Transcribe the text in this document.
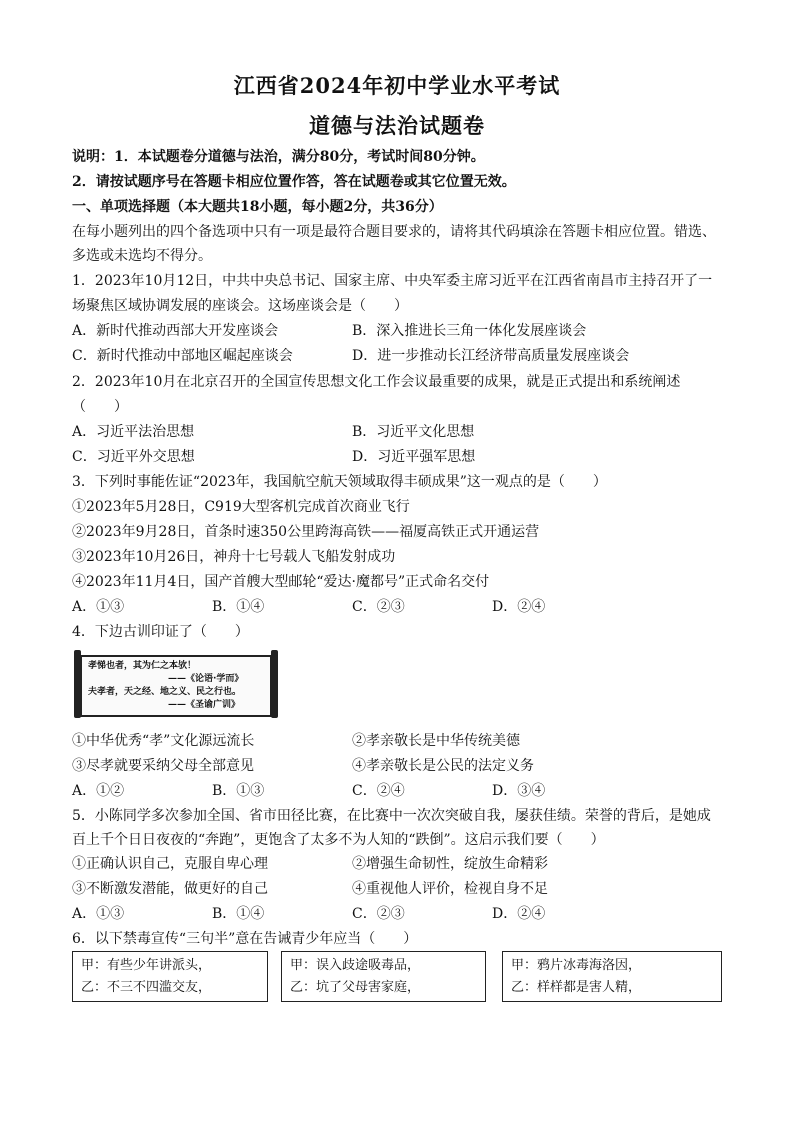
江西省2024年初中学业水平考试
道德与法治试题卷
说明：1．本试题卷分道德与法治，满分80分，考试时间80分钟。
2．请按试题序号在答题卡相应位置作答，答在试题卷或其它位置无效。
一、单项选择题（本大题共18小题，每小题2分，共36分）
在每小题列出的四个备选项中只有一项是最符合题目要求的，请将其代码填涂在答题卡相应位置。错选、
多选或未选均不得分。
1．2023年10月12日，中共中央总书记、国家主席、中央军委主席习近平在江西省南昌市主持召开了一
场聚焦区域协调发展的座谈会。这场座谈会是（　　）
A．新时代推动西部大开发座谈会	B．深入推进长三角一体化发展座谈会
C．新时代推动中部地区崛起座谈会	D．进一步推动长江经济带高质量发展座谈会
2．2023年10月在北京召开的全国宣传思想文化工作会议最重要的成果，就是正式提出和系统阐述
（　　）
A．习近平法治思想	B．习近平文化思想
C．习近平外交思想	D．习近平强军思想
3．下列时事能佐证“2023年，我国航空航天领域取得丰硕成果”这一观点的是（　　）
①2023年5月28日，C919大型客机完成首次商业飞行
②2023年9月28日，首条时速350公里跨海高铁——福厦高铁正式开通运营
③2023年10月26日，神舟十七号载人飞船发射成功
④2023年11月4日，国产首艘大型邮轮“爱达·魔都号”正式命名交付
A．①③	B．①④	C．②③	D．②④
4．下边古训印证了（　　）
孝悌也者，其为仁之本欤！
——《论语·学而》
夫孝者，天之经、地之义、民之行也。
——《圣谕广训》
①中华优秀“孝”文化源远流长	②孝亲敬长是中华传统美德
③尽孝就要采纳父母全部意见	④孝亲敬长是公民的法定义务
A．①②	B．①③	C．②④	D．③④
5．小陈同学多次参加全国、省市田径比赛，在比赛中一次次突破自我，屡获佳绩。荣誉的背后，是她成
百上千个日日夜夜的“奔跑”，更饱含了太多不为人知的“跌倒”。这启示我们要（　　）
①正确认识自己，克服自卑心理	②增强生命韧性，绽放生命精彩
③不断激发潜能，做更好的自己	④重视他人评价，检视自身不足
A．①③	B．①④	C．②③	D．②④
6．以下禁毒宣传“三句半”意在告诫青少年应当（　　）
甲：有些少年讲派头，
乙：不三不四滥交友，
甲：误入歧途吸毒品，
乙：坑了父母害家庭，
甲：鸦片冰毒海洛因，
乙：样样都是害人精，
